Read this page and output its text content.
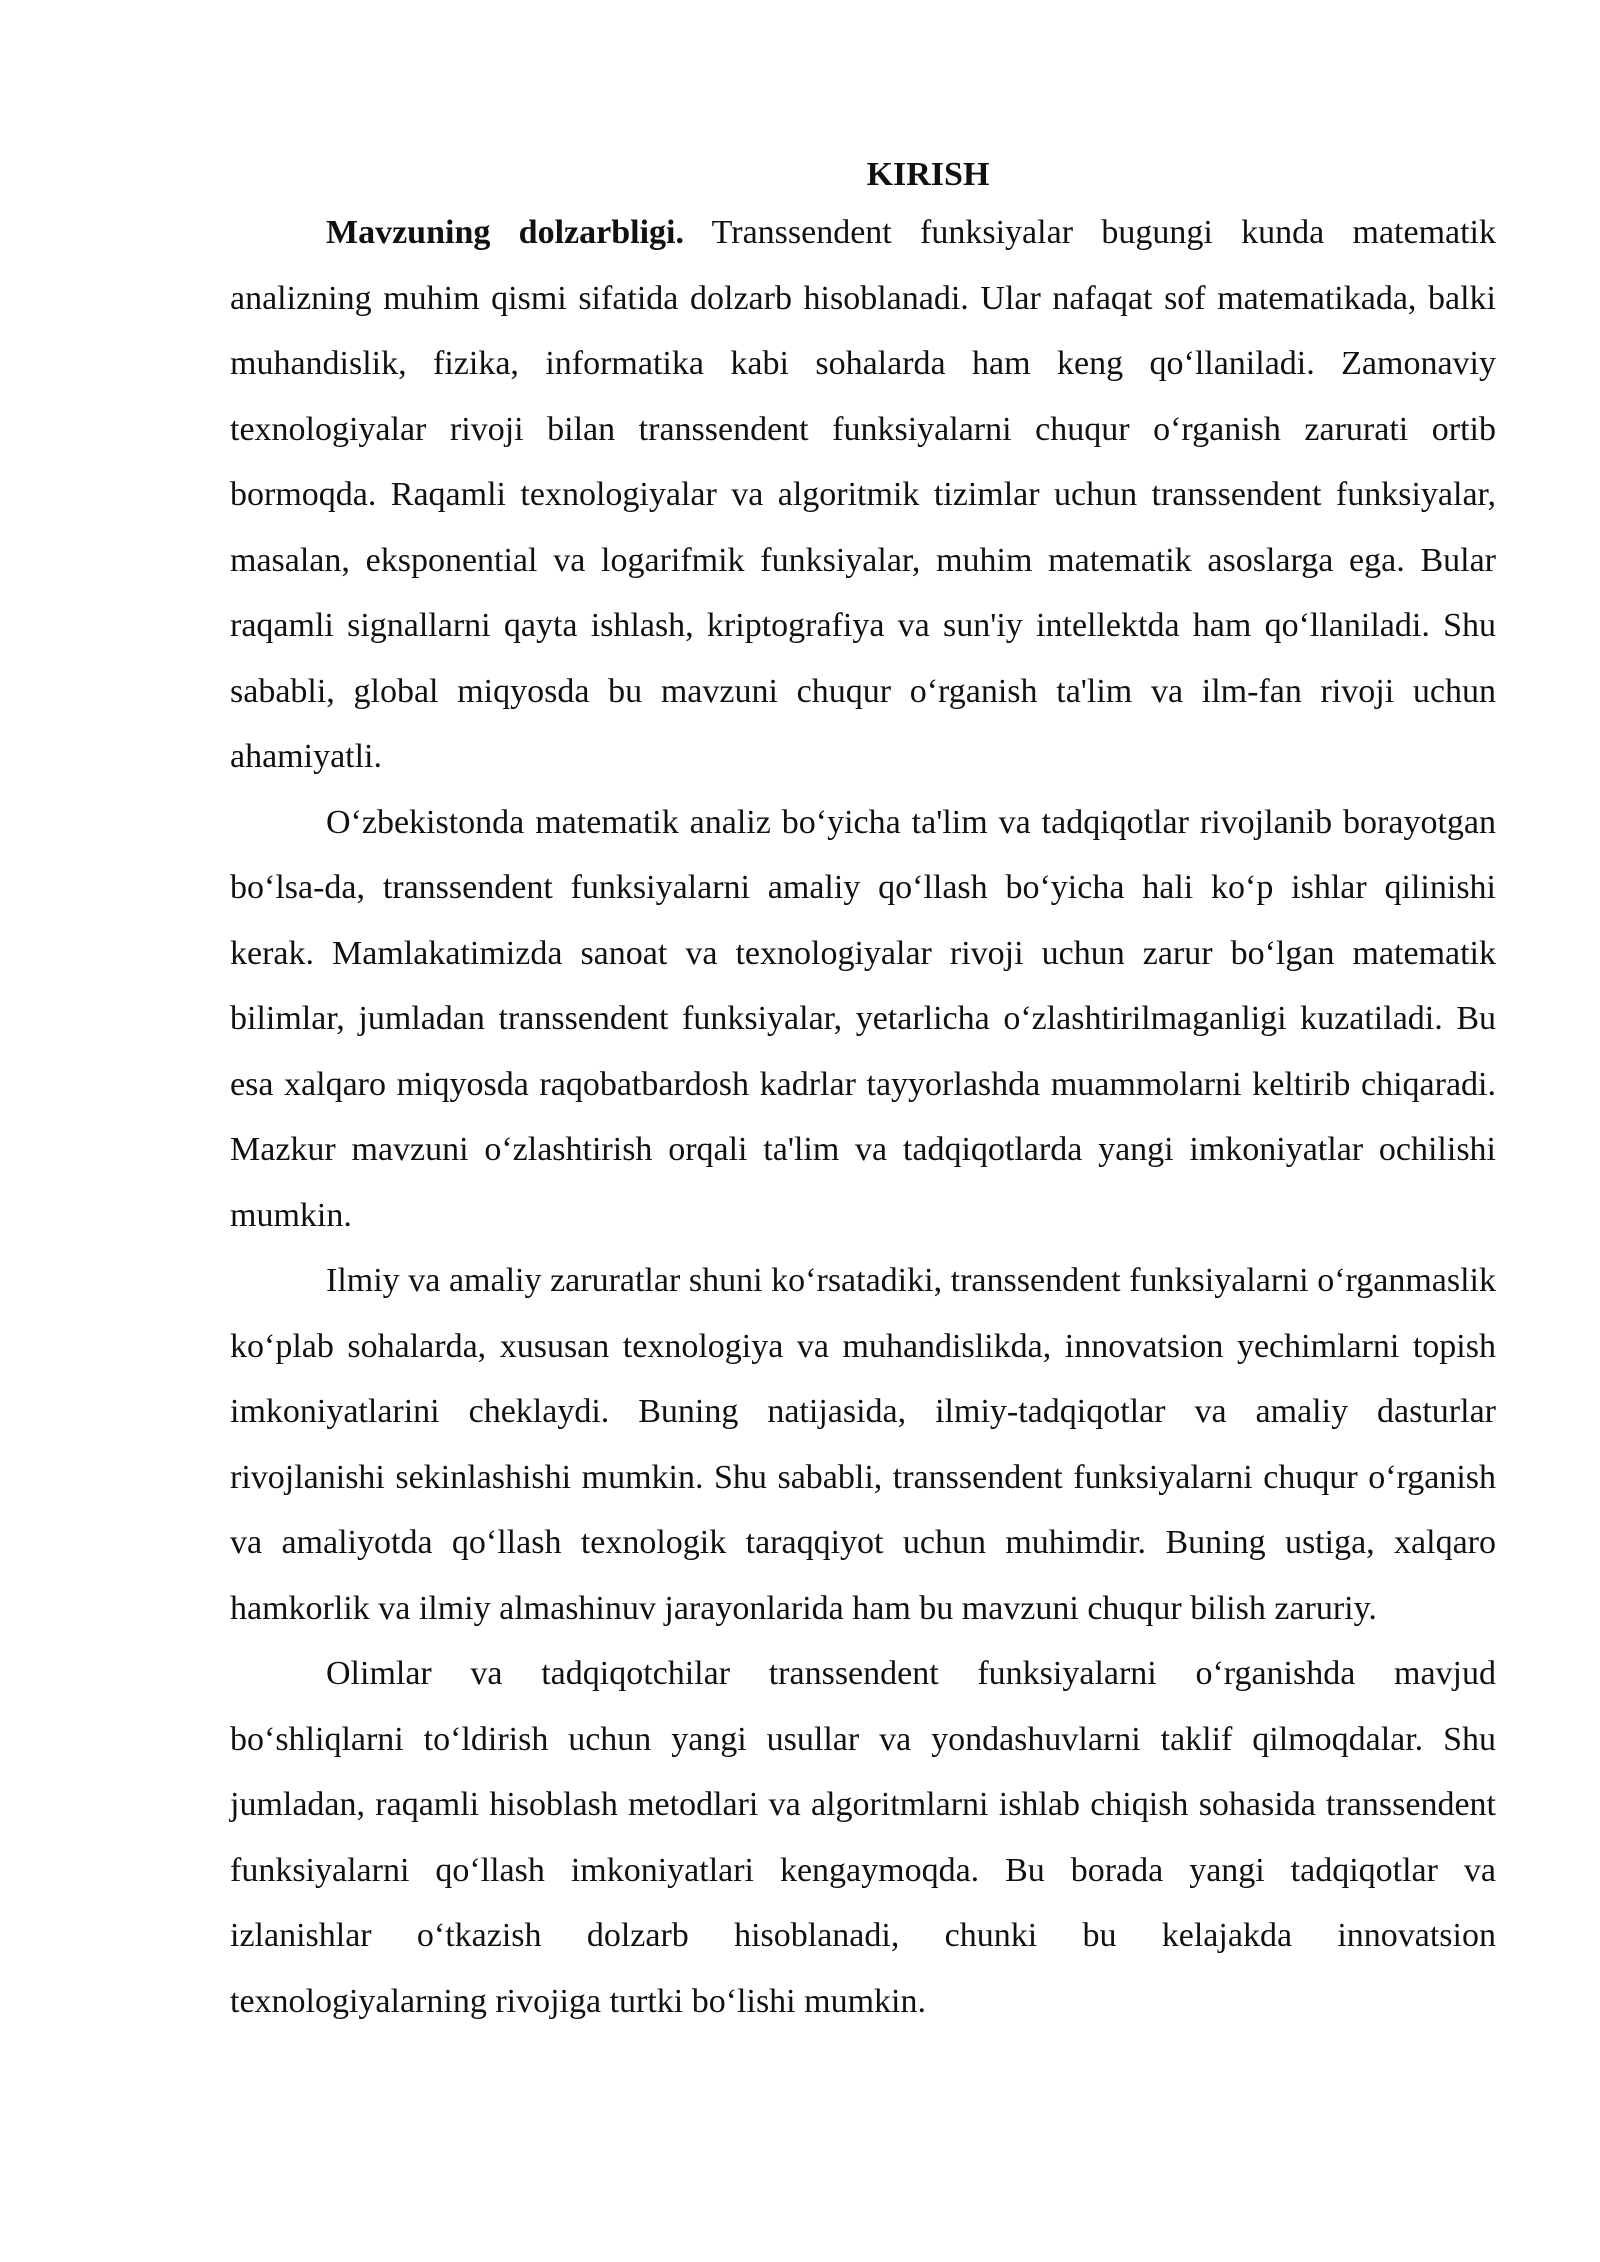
KIRISH

Mavzuning dolzarbligi. Transsendent funksiyalar bugungi kunda matematik analizning muhim qismi sifatida dolzarb hisoblanadi. Ular nafaqat sof matematikada, balki muhandislik, fizika, informatika kabi sohalarda ham keng qo‘llaniladi. Zamonaviy texnologiyalar rivoji bilan transsendent funksiyalarni chuqur o‘rganish zarurati ortib bormoqda. Raqamli texnologiyalar va algoritmik tizimlar uchun transsendent funksiyalar, masalan, eksponential va logarifmik funksiyalar, muhim matematik asoslarga ega. Bular raqamli signallarni qayta ishlash, kriptografiya va sun'iy intellektda ham qo‘llaniladi. Shu sababli, global miqyosda bu mavzuni chuqur o‘rganish ta'lim va ilm-fan rivoji uchun ahamiyatli.

O‘zbekistonda matematik analiz bo‘yicha ta'lim va tadqiqotlar rivojlanib borayotgan bo‘lsa-da, transsendent funksiyalarni amaliy qo‘llash bo‘yicha hali ko‘p ishlar qilinishi kerak. Mamlakatimizda sanoat va texnologiyalar rivoji uchun zarur bo‘lgan matematik bilimlar, jumladan transsendent funksiyalar, yetarlicha o‘zlashtirilmaganligi kuzatiladi. Bu esa xalqaro miqyosda raqobatbardosh kadrlar tayyorlashda muammolarni keltirib chiqaradi. Mazkur mavzuni o‘zlashtirish orqali ta'lim va tadqiqotlarda yangi imkoniyatlar ochilishi mumkin.

Ilmiy va amaliy zaruratlar shuni ko‘rsatadiki, transsendent funksiyalarni o‘rganmaslik ko‘plab sohalarda, xususan texnologiya va muhandislikda, innovatsion yechimlarni topish imkoniyatlarini cheklaydi. Buning natijasida, ilmiy-tadqiqotlar va amaliy dasturlar rivojlanishi sekinlashishi mumkin. Shu sababli, transsendent funksiyalarni chuqur o‘rganish va amaliyotda qo‘llash texnologik taraqqiyot uchun muhimdir. Buning ustiga, xalqaro hamkorlik va ilmiy almashinuv jarayonlarida ham bu mavzuni chuqur bilish zaruriy.

Olimlar va tadqiqotchilar transsendent funksiyalarni o‘rganishda mavjud bo‘shliqlarni to‘ldirish uchun yangi usullar va yondashuvlarni taklif qilmoqdalar. Shu jumladan, raqamli hisoblash metodlari va algoritmlarni ishlab chiqish sohasida transsendent funksiyalarni qo‘llash imkoniyatlari kengaymoqda. Bu borada yangi tadqiqotlar va izlanishlar o‘tkazish dolzarb hisoblanadi, chunki bu kelajakda innovatsion texnologiyalarning rivojiga turtki bo‘lishi mumkin.
